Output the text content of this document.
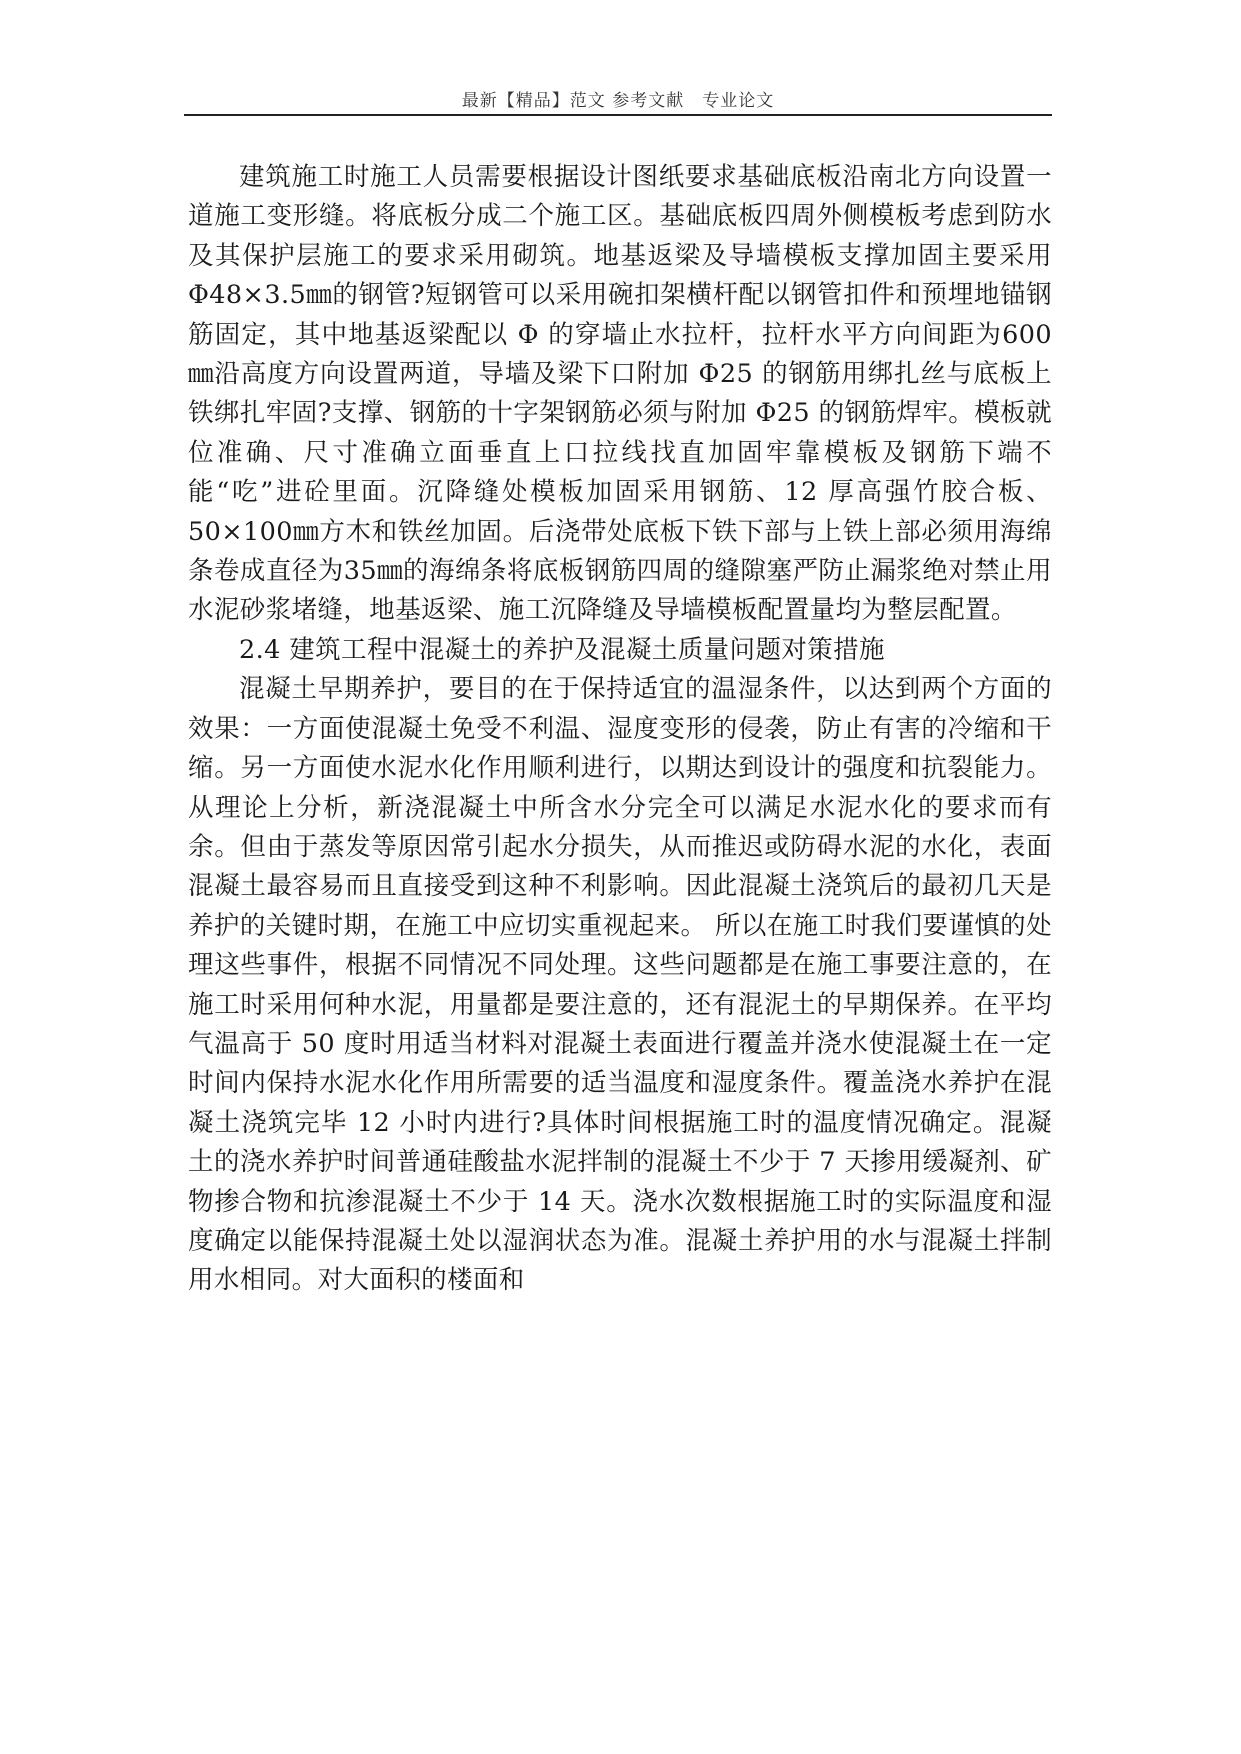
最新【精品】范文 参考文献　专业论文

建筑施工时施工人员需要根据设计图纸要求基础底板沿南北方向设置一道施工变形缝。将底板分成二个施工区。基础底板四周外侧模板考虑到防水及其保护层施工的要求采用砌筑。地基返梁及导墙模板支撑加固主要采用 Φ48×3.5㎜的钢管?短钢管可以采用碗扣架横杆配以钢管扣件和预埋地锚钢筋固定，其中地基返梁配以 Φ 的穿墙止水拉杆，拉杆水平方向间距为600㎜沿高度方向设置两道，导墙及梁下口附加 Φ25 的钢筋用绑扎丝与底板上铁绑扎牢固?支撑、钢筋的十字架钢筋必须与附加 Φ25 的钢筋焊牢。模板就位准确、尺寸准确立面垂直上口拉线找直加固牢靠模板及钢筋下端不能“吃”进砼里面。沉降缝处模板加固采用钢筋、12 厚高强竹胶合板、50×100㎜方木和铁丝加固。后浇带处底板下铁下部与上铁上部必须用海绵条卷成直径为35㎜的海绵条将底板钢筋四周的缝隙塞严防止漏浆绝对禁止用水泥砂浆堵缝，地基返梁、施工沉降缝及导墙模板配置量均为整层配置。

2.4 建筑工程中混凝土的养护及混凝土质量问题对策措施

混凝土早期养护，要目的在于保持适宜的温湿条件，以达到两个方面的效果：一方面使混凝土免受不利温、湿度变形的侵袭，防止有害的冷缩和干缩。另一方面使水泥水化作用顺利进行，以期达到设计的强度和抗裂能力。 从理论上分析，新浇混凝土中所含水分完全可以满足水泥水化的要求而有余。但由于蒸发等原因常引起水分损失，从而推迟或防碍水泥的水化，表面混凝土最容易而且直接受到这种不利影响。因此混凝土浇筑后的最初几天是养护的关键时期，在施工中应切实重视起来。 所以在施工时我们要谨慎的处理这些事件，根据不同情况不同处理。这些问题都是在施工事要注意的，在施工时采用何种水泥，用量都是要注意的，还有混泥土的早期保养。在平均气温高于 50 度时用适当材料对混凝土表面进行覆盖并浇水使混凝土在一定时间内保持水泥水化作用所需要的适当温度和湿度条件。覆盖浇水养护在混凝土浇筑完毕 12 小时内进行?具体时间根据施工时的温度情况确定。混凝土的浇水养护时间普通硅酸盐水泥拌制的混凝土不少于 7 天掺用缓凝剂、矿物掺合物和抗渗混凝土不少于 14 天。浇水次数根据施工时的实际温度和湿度确定以能保持混凝土处以湿润状态为准。混凝土养护用的水与混凝土拌制用水相同。对大面积的楼面和
